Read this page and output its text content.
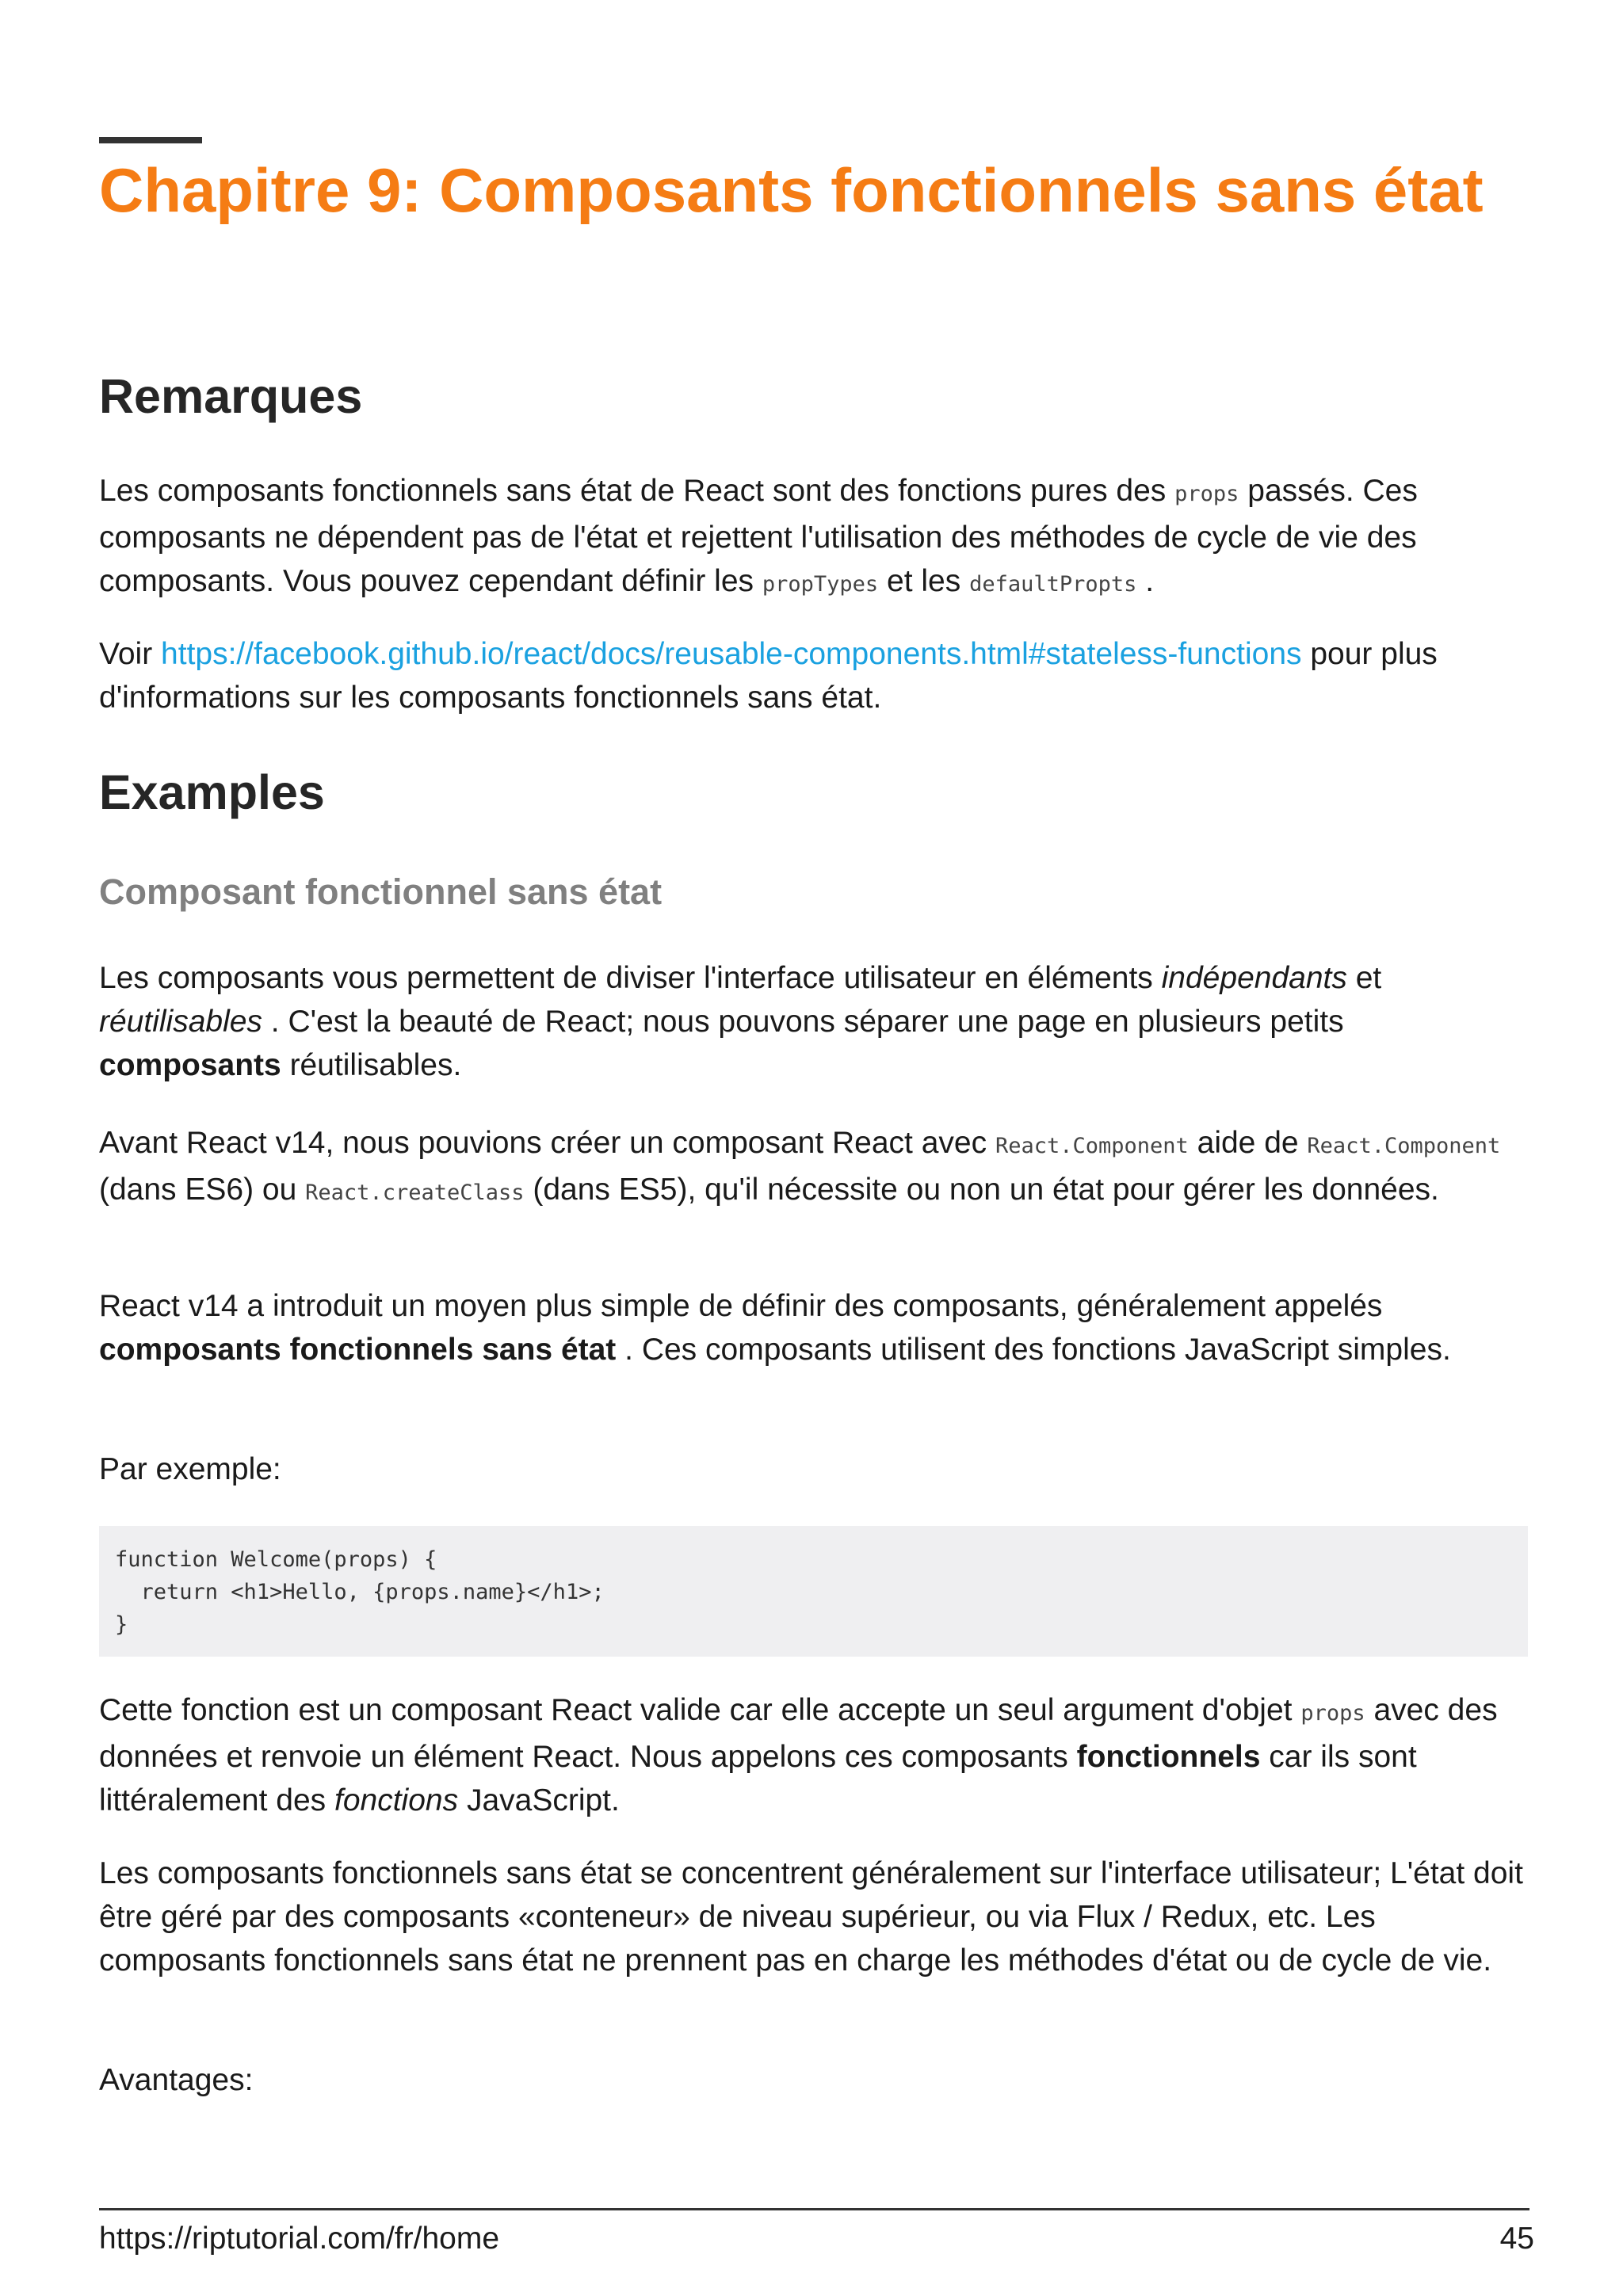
Chapitre 9: Composants fonctionnels sans état
Remarques

Les composants fonctionnels sans état de React sont des fonctions pures des props passés. Ces composants ne dépendent pas de l'état et rejettent l'utilisation des méthodes de cycle de vie des composants. Vous pouvez cependant définir les propTypes et les defaultPropts .

Voir https://facebook.github.io/react/docs/reusable-components.html#stateless-functions pour plus d'informations sur les composants fonctionnels sans état.

Examples
Composant fonctionnel sans état

Les composants vous permettent de diviser l'interface utilisateur en éléments indépendants et réutilisables . C'est la beauté de React; nous pouvons séparer une page en plusieurs petits composants réutilisables.

Avant React v14, nous pouvions créer un composant React avec React.Component aide de React.Component (dans ES6) ou React.createClass (dans ES5), qu'il nécessite ou non un état pour gérer les données.

React v14 a introduit un moyen plus simple de définir des composants, généralement appelés composants fonctionnels sans état . Ces composants utilisent des fonctions JavaScript simples.

Par exemple:

function Welcome(props) {
return <h1>Hello, {props.name}</h1>;
}

Cette fonction est un composant React valide car elle accepte un seul argument d'objet props avec des données et renvoie un élément React. Nous appelons ces composants fonctionnels car ils sont littéralement des fonctions JavaScript.

Les composants fonctionnels sans état se concentrent généralement sur l'interface utilisateur; L'état doit être géré par des composants «conteneur» de niveau supérieur, ou via Flux / Redux, etc. Les composants fonctionnels sans état ne prennent pas en charge les méthodes d'état ou de cycle de vie.

Avantages:

https://riptutorial.com/fr/home	45
